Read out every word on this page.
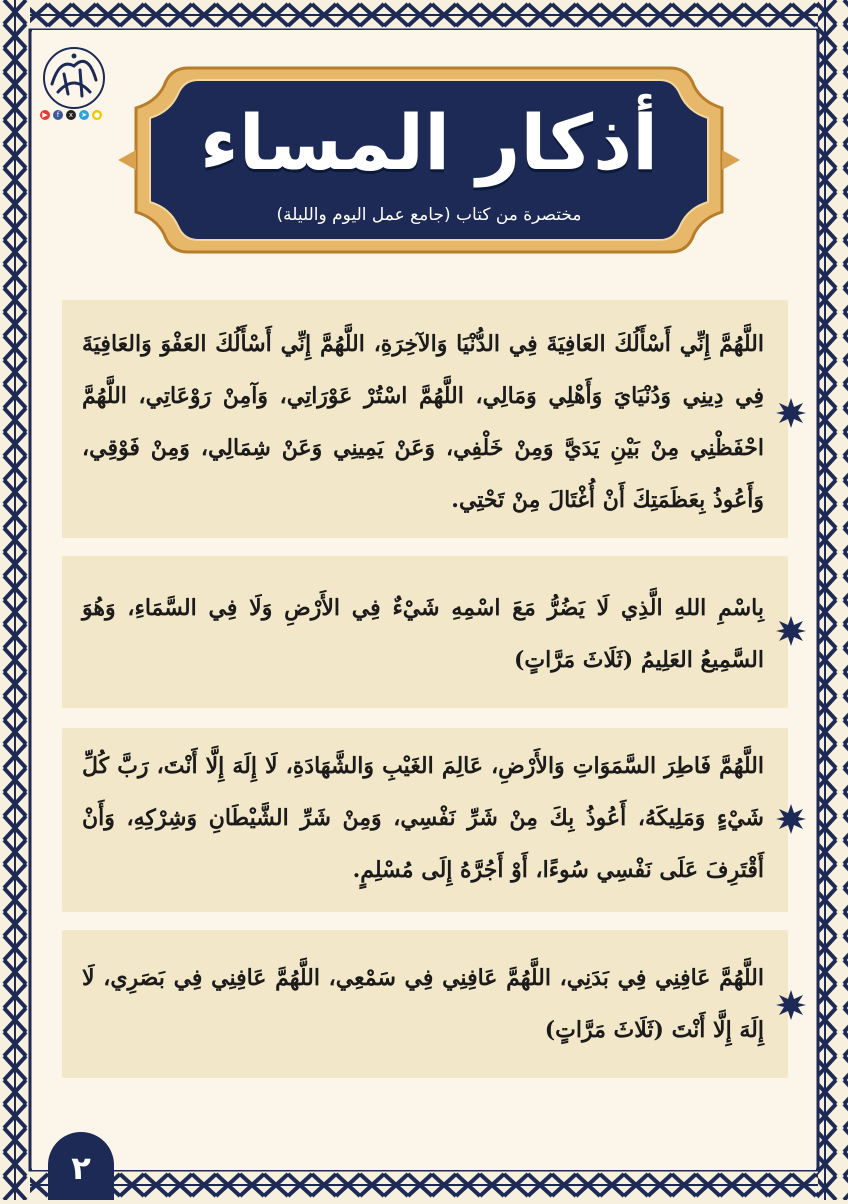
أذكار المساء
مختصرة من كتاب (جامع عمل اليوم والليلة)
▶	f	x	➤ ●
اللَّهُمَّ إِنِّي أَسْأَلُكَ العَافِيَةَ فِي الدُّنْيَا وَالآخِرَةِ، اللَّهُمَّ إِنِّي أَسْأَلُكَ العَفْوَ وَالعَافِيَةَ فِي دِينِي وَدُنْيَايَ وَأَهْلِي وَمَالِي، اللَّهُمَّ اسْتُرْ عَوْرَاتِي، وَآمِنْ رَوْعَاتِي، اللَّهُمَّ احْفَظْنِي مِنْ بَيْنِ يَدَيَّ وَمِنْ خَلْفِي، وَعَنْ يَمِينِي وَعَنْ شِمَالِي، وَمِنْ فَوْقِي، وَأَعُوذُ بِعَظَمَتِكَ أَنْ أُغْتَالَ مِنْ تَحْتِي.
بِاسْمِ اللهِ الَّذِي لَا يَضُرُّ مَعَ اسْمِهِ شَيْءٌ فِي الأَرْضِ وَلَا فِي السَّمَاءِ، وَهُوَ السَّمِيعُ العَلِيمُ (ثَلَاثَ مَرَّاتٍ)
اللَّهُمَّ فَاطِرَ السَّمَوَاتِ وَالأَرْضِ، عَالِمَ الغَيْبِ وَالشَّهَادَةِ، لَا إِلَهَ إِلَّا أَنْتَ، رَبَّ كُلِّ شَيْءٍ وَمَلِيكَهُ، أَعُوذُ بِكَ مِنْ شَرِّ نَفْسِي، وَمِنْ شَرِّ الشَّيْطَانِ وَشِرْكِهِ، وَأَنْ أَقْتَرِفَ عَلَى نَفْسِي سُوءًا، أَوْ أَجُرَّهُ إِلَى مُسْلِمٍ.
اللَّهُمَّ عَافِنِي فِي بَدَنِي، اللَّهُمَّ عَافِنِي فِي سَمْعِي، اللَّهُمَّ عَافِنِي فِي بَصَرِي، لَا إِلَهَ إِلَّا أَنْتَ (ثَلَاثَ مَرَّاتٍ)
٢
